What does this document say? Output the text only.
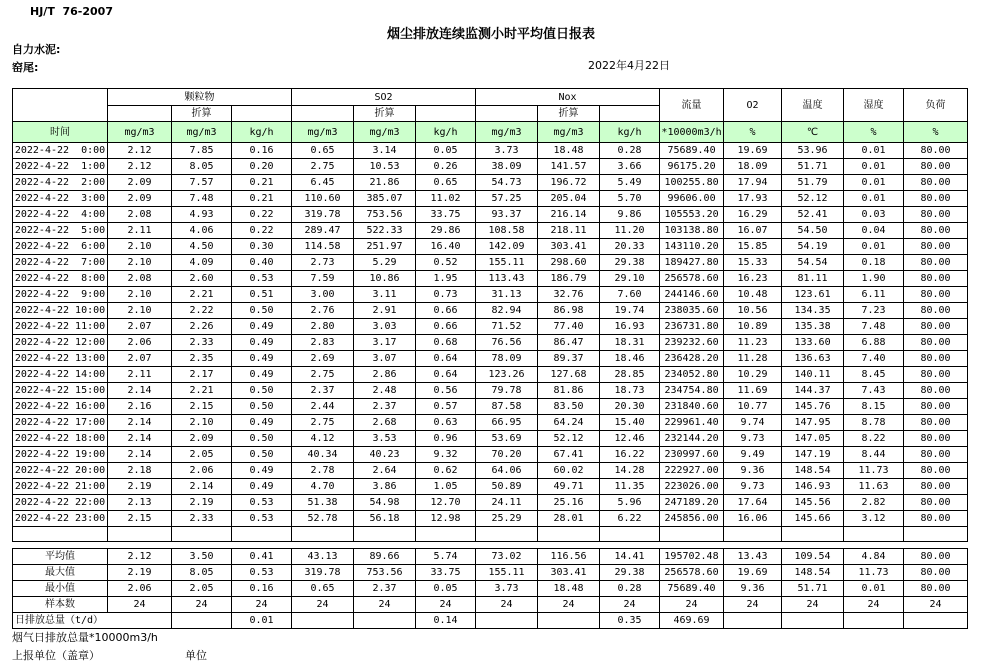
HJ/T  76-2007
烟尘排放连续监测小时平均值日报表
自力水泥:
窑尾:	2022年4月22日
	颗粒物			SO2			Nox			流量	O2	温度	湿度	负荷
		折算			折算			折算						
时间	mg/m3	mg/m3	kg/h	mg/m3	mg/m3	kg/h	mg/m3	mg/m3	kg/h	*10000m3/h	%	℃	%	%
2022-4-22  0:00	2.12	7.85	0.16	0.65	3.14	0.05	3.73	18.48	0.28	75689.40	19.69	53.96	0.01	80.00
2022-4-22  1:00	2.12	8.05	0.20	2.75	10.53	0.26	38.09	141.57	3.66	96175.20	18.09	51.71	0.01	80.00
2022-4-22  2:00	2.09	7.57	0.21	6.45	21.86	0.65	54.73	196.72	5.49	100255.80	17.94	51.79	0.01	80.00
2022-4-22  3:00	2.09	7.48	0.21	110.60	385.07	11.02	57.25	205.04	5.70	99606.00	17.93	52.12	0.01	80.00
2022-4-22  4:00	2.08	4.93	0.22	319.78	753.56	33.75	93.37	216.14	9.86	105553.20	16.29	52.41	0.03	80.00
2022-4-22  5:00	2.11	4.06	0.22	289.47	522.33	29.86	108.58	218.11	11.20	103138.80	16.07	54.50	0.04	80.00
2022-4-22  6:00	2.10	4.50	0.30	114.58	251.97	16.40	142.09	303.41	20.33	143110.20	15.85	54.19	0.01	80.00
2022-4-22  7:00	2.10	4.09	0.40	2.73	5.29	0.52	155.11	298.60	29.38	189427.80	15.33	54.54	0.18	80.00
2022-4-22  8:00	2.08	2.60	0.53	7.59	10.86	1.95	113.43	186.79	29.10	256578.60	16.23	81.11	1.90	80.00
2022-4-22  9:00	2.10	2.21	0.51	3.00	3.11	0.73	31.13	32.76	7.60	244146.60	10.48	123.61	6.11	80.00
2022-4-22 10:00	2.10	2.22	0.50	2.76	2.91	0.66	82.94	86.98	19.74	238035.60	10.56	134.35	7.23	80.00
2022-4-22 11:00	2.07	2.26	0.49	2.80	3.03	0.66	71.52	77.40	16.93	236731.80	10.89	135.38	7.48	80.00
2022-4-22 12:00	2.06	2.33	0.49	2.83	3.17	0.68	76.56	86.47	18.31	239232.60	11.23	133.60	6.88	80.00
2022-4-22 13:00	2.07	2.35	0.49	2.69	3.07	0.64	78.09	89.37	18.46	236428.20	11.28	136.63	7.40	80.00
2022-4-22 14:00	2.11	2.17	0.49	2.75	2.86	0.64	123.26	127.68	28.85	234052.80	10.29	140.11	8.45	80.00
2022-4-22 15:00	2.14	2.21	0.50	2.37	2.48	0.56	79.78	81.86	18.73	234754.80	11.69	144.37	7.43	80.00
2022-4-22 16:00	2.16	2.15	0.50	2.44	2.37	0.57	87.58	83.50	20.30	231840.60	10.77	145.76	8.15	80.00
2022-4-22 17:00	2.14	2.10	0.49	2.75	2.68	0.63	66.95	64.24	15.40	229961.40	9.74	147.95	8.78	80.00
2022-4-22 18:00	2.14	2.09	0.50	4.12	3.53	0.96	53.69	52.12	12.46	232144.20	9.73	147.05	8.22	80.00
2022-4-22 19:00	2.14	2.05	0.50	40.34	40.23	9.32	70.20	67.41	16.22	230997.60	9.49	147.19	8.44	80.00
2022-4-22 20:00	2.18	2.06	0.49	2.78	2.64	0.62	64.06	60.02	14.28	222927.00	9.36	148.54	11.73	80.00
2022-4-22 21:00	2.19	2.14	0.49	4.70	3.86	1.05	50.89	49.71	11.35	223026.00	9.73	146.93	11.63	80.00
2022-4-22 22:00	2.13	2.19	0.53	51.38	54.98	12.70	24.11	25.16	5.96	247189.20	17.64	145.56	2.82	80.00
2022-4-22 23:00	2.15	2.33	0.53	52.78	56.18	12.98	25.29	28.01	6.22	245856.00	16.06	145.66	3.12	80.00

平均值	2.12	3.50	0.41	43.13	89.66	5.74	73.02	116.56	14.41	195702.48	13.43	109.54	4.84	80.00
最大值	2.19	8.05	0.53	319.78	753.56	33.75	155.11	303.41	29.38	256578.60	19.69	148.54	11.73	80.00
最小值	2.06	2.05	0.16	0.65	2.37	0.05	3.73	18.48	0.28	75689.40	9.36	51.71	0.01	80.00
样本数	24	24	24	24	24	24	24	24	24	24	24	24	24	24
日排放总量（t/d）			0.01			0.14			0.35	469.69				
烟气日排放总量*10000m3/h
上报单位（盖章）	单位
